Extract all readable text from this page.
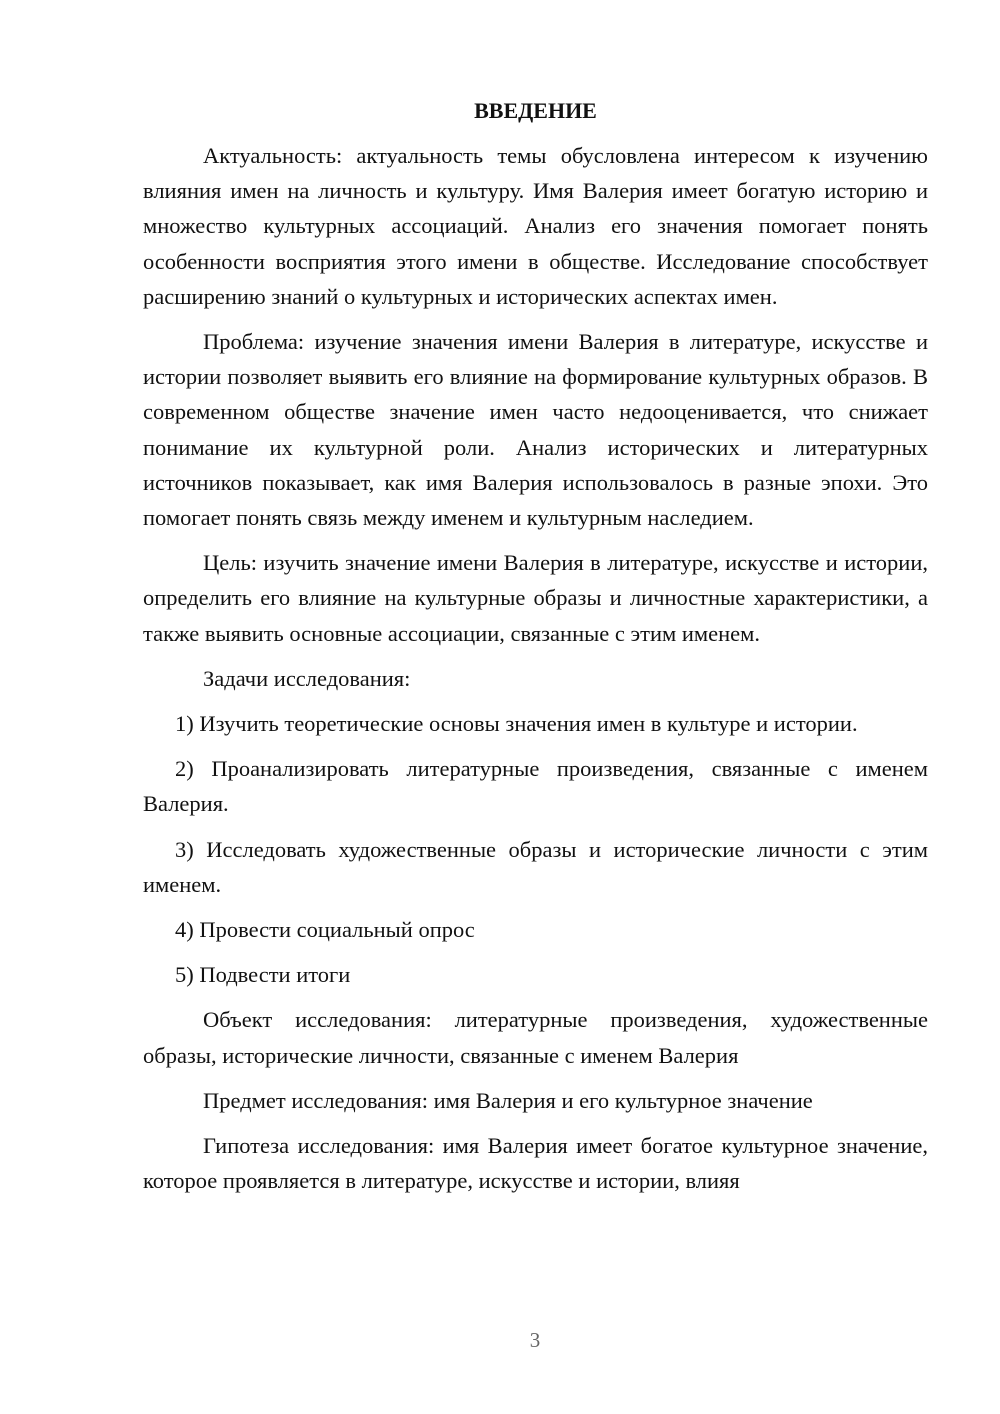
ВВЕДЕНИЕ

Актуальность: актуальность темы обусловлена интересом к изучению влияния имен на личность и культуру. Имя Валерия имеет богатую историю и множество культурных ассоциаций. Анализ его значения помогает понять особенности восприятия этого имени в обществе. Исследование способствует расширению знаний о культурных и исторических аспектах имен.

Проблема: изучение значения имени Валерия в литературе, искусстве и истории позволяет выявить его влияние на формирование культурных образов. В современном обществе значение имен часто недооценивается, что снижает понимание их культурной роли. Анализ исторических и литературных источников показывает, как имя Валерия использовалось в разные эпохи. Это помогает понять связь между именем и культурным наследием.

Цель: изучить значение имени Валерия в литературе, искусстве и истории, определить его влияние на культурные образы и личностные характеристики, а также выявить основные ассоциации, связанные с этим именем.

Задачи исследования:

1) Изучить теоретические основы значения имен в культуре и истории.

2) Проанализировать литературные произведения, связанные с именем Валерия.

3) Исследовать художественные образы и исторические личности с этим именем.

4) Провести социальный опрос

5) Подвести итоги

Объект исследования: литературные произведения, художественные образы, исторические личности, связанные с именем Валерия

Предмет исследования: имя Валерия и его культурное значение

Гипотеза исследования: имя Валерия имеет богатое культурное значение, которое проявляется в литературе, искусстве и истории, влияя

3
